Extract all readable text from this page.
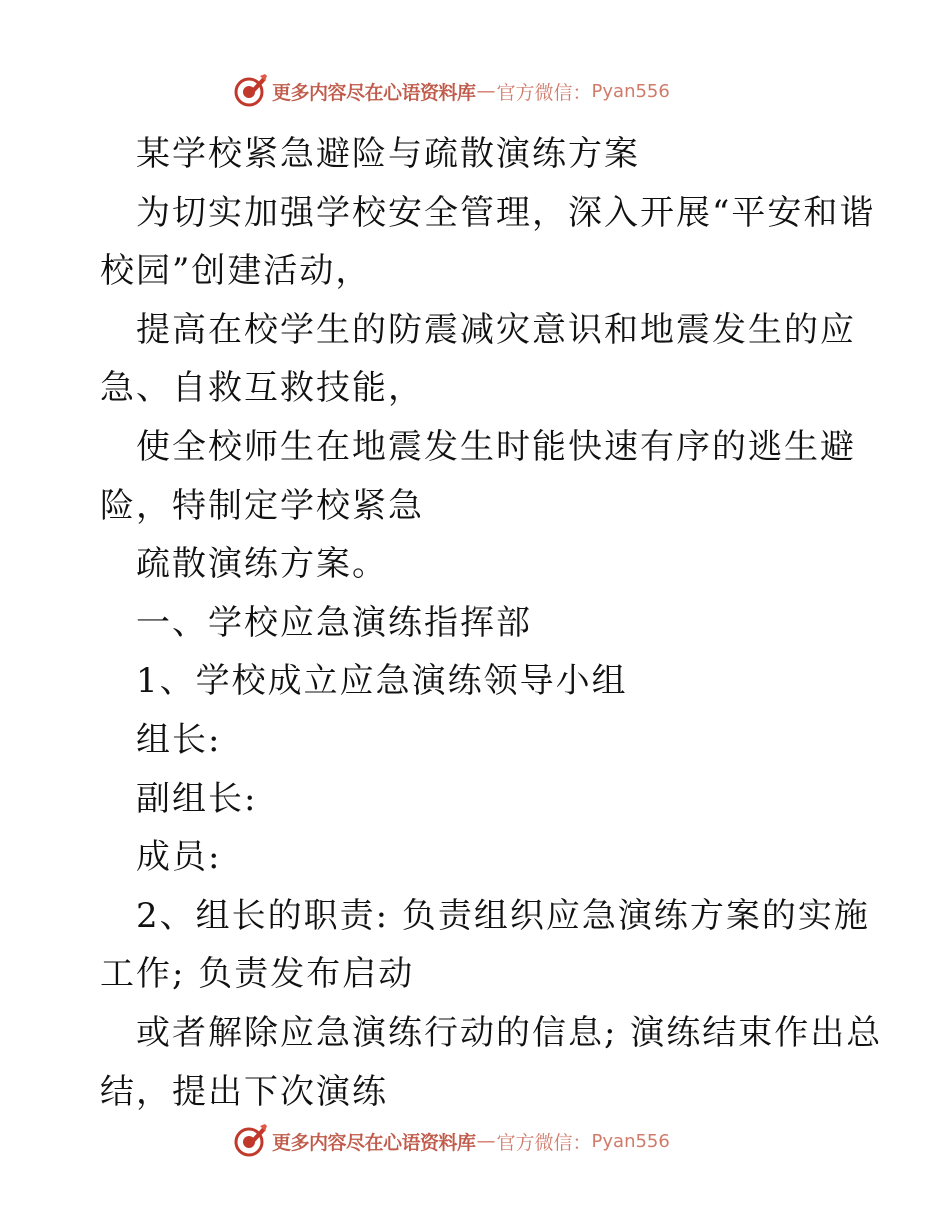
更多内容尽在心语资料库 — 官方微信： Pyan556
某学校紧急避险与疏散演练方案
为切实加强学校安全管理，深入开展“平安和谐
校园”创建活动，
提高在校学生的防震减灾意识和地震发生的应
急、自救互救技能，
使全校师生在地震发生时能快速有序的逃生避
险，特制定学校紧急
疏散演练方案。
一、学校应急演练指挥部
1、学校成立应急演练领导小组
组长:
副组长:
成员:
2、组长的职责: 负责组织应急演练方案的实施
工作; 负责发布启动
或者解除应急演练行动的信息; 演练结束作出总
结，提出下次演练
更多内容尽在心语资料库 — 官方微信： Pyan556
